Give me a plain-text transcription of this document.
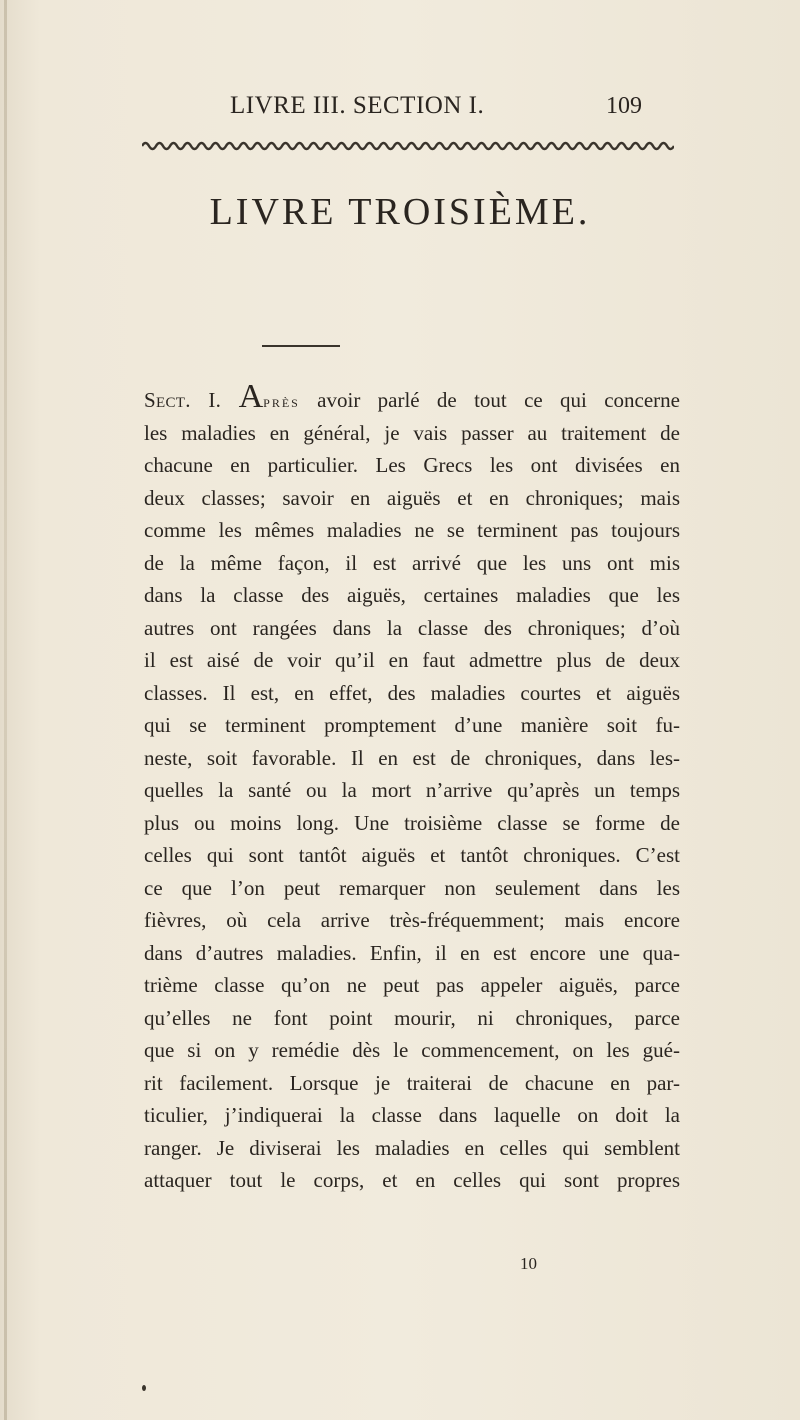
LIVRE III. SECTION I.	109
LIVRE TROISIÈME.
Sect. I. Après avoir parlé de tout ce qui concerne
les maladies en général, je vais passer au traitement de
chacune en particulier. Les Grecs les ont divisées en
deux classes; savoir en aiguës et en chroniques; mais
comme les mêmes maladies ne se terminent pas toujours
de la même façon, il est arrivé que les uns ont mis
dans la classe des aiguës, certaines maladies que les
autres ont rangées dans la classe des chroniques; d’où
il est aisé de voir qu’il en faut admettre plus de deux
classes. Il est, en effet, des maladies courtes et aiguës
qui se terminent promptement d’une manière soit fu-
neste, soit favorable. Il en est de chroniques, dans les-
quelles la santé ou la mort n’arrive qu’après un temps
plus ou moins long. Une troisième classe se forme de
celles qui sont tantôt aiguës et tantôt chroniques. C’est
ce que l’on peut remarquer non seulement dans les
fièvres, où cela arrive très-fréquemment; mais encore
dans d’autres maladies. Enfin, il en est encore une qua-
trième classe qu’on ne peut pas appeler aiguës, parce
qu’elles ne font point mourir, ni chroniques, parce
que si on y remédie dès le commencement, on les gué-
rit facilement. Lorsque je traiterai de chacune en par-
ticulier, j’indiquerai la classe dans laquelle on doit la
ranger. Je diviserai les maladies en celles qui semblent
attaquer tout le corps, et en celles qui sont propres
10
